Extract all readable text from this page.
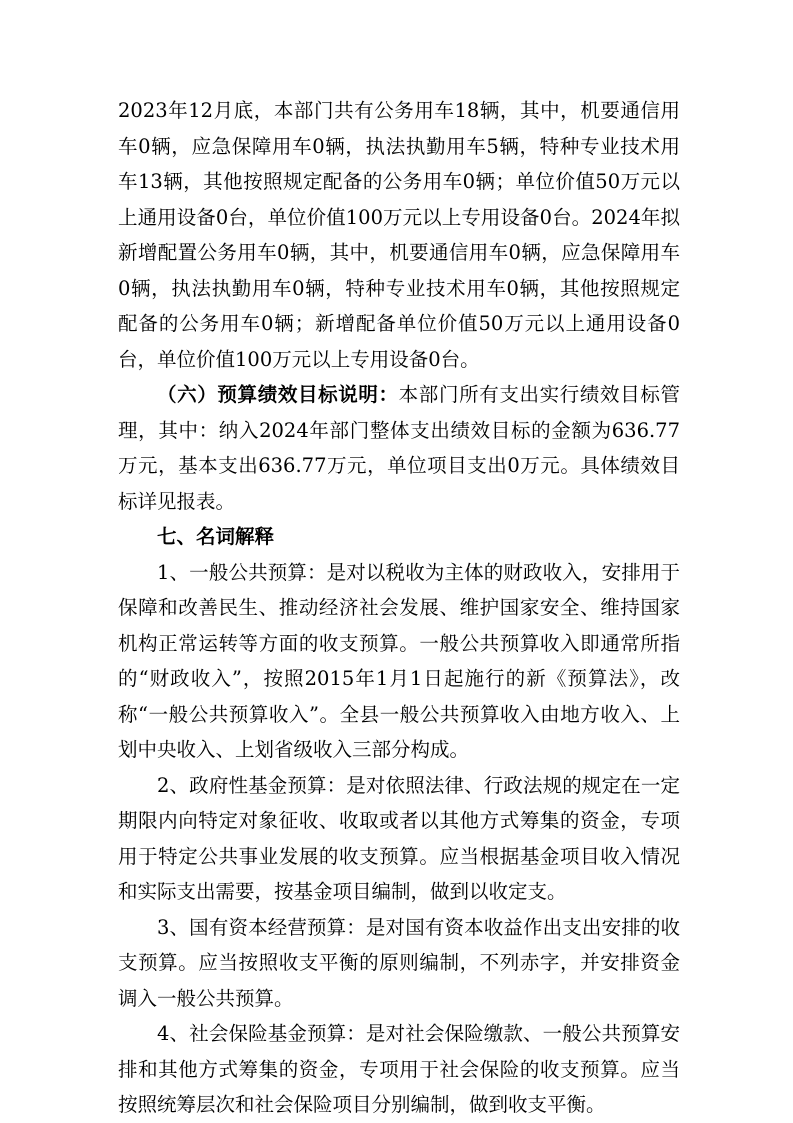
2023年12月底，本部门共有公务用车18辆，其中，机要通信用车0辆，应急保障用车0辆，执法执勤用车5辆，特种专业技术用车13辆，其他按照规定配备的公务用车0辆；单位价值50万元以上通用设备0台，单位价值100万元以上专用设备0台。2024年拟新增配置公务用车0辆，其中，机要通信用车0辆，应急保障用车0辆，执法执勤用车0辆，特种专业技术用车0辆，其他按照规定配备的公务用车0辆；新增配备单位价值50万元以上通用设备0台，单位价值100万元以上专用设备0台。

（六）预算绩效目标说明：本部门所有支出实行绩效目标管理，其中：纳入2024年部门整体支出绩效目标的金额为636.77万元，基本支出636.77万元，单位项目支出0万元。具体绩效目标详见报表。

七、名词解释

1、一般公共预算：是对以税收为主体的财政收入，安排用于保障和改善民生、推动经济社会发展、维护国家安全、维持国家机构正常运转等方面的收支预算。一般公共预算收入即通常所指的“财政收入”，按照2015年1月1日起施行的新《预算法》，改称“一般公共预算收入”。全县一般公共预算收入由地方收入、上划中央收入、上划省级收入三部分构成。

2、政府性基金预算：是对依照法律、行政法规的规定在一定期限内向特定对象征收、收取或者以其他方式筹集的资金，专项用于特定公共事业发展的收支预算。应当根据基金项目收入情况和实际支出需要，按基金项目编制，做到以收定支。

3、国有资本经营预算：是对国有资本收益作出支出安排的收支预算。应当按照收支平衡的原则编制，不列赤字，并安排资金调入一般公共预算。

4、社会保险基金预算：是对社会保险缴款、一般公共预算安排和其他方式筹集的资金，专项用于社会保险的收支预算。应当按照统筹层次和社会保险项目分别编制，做到收支平衡。
